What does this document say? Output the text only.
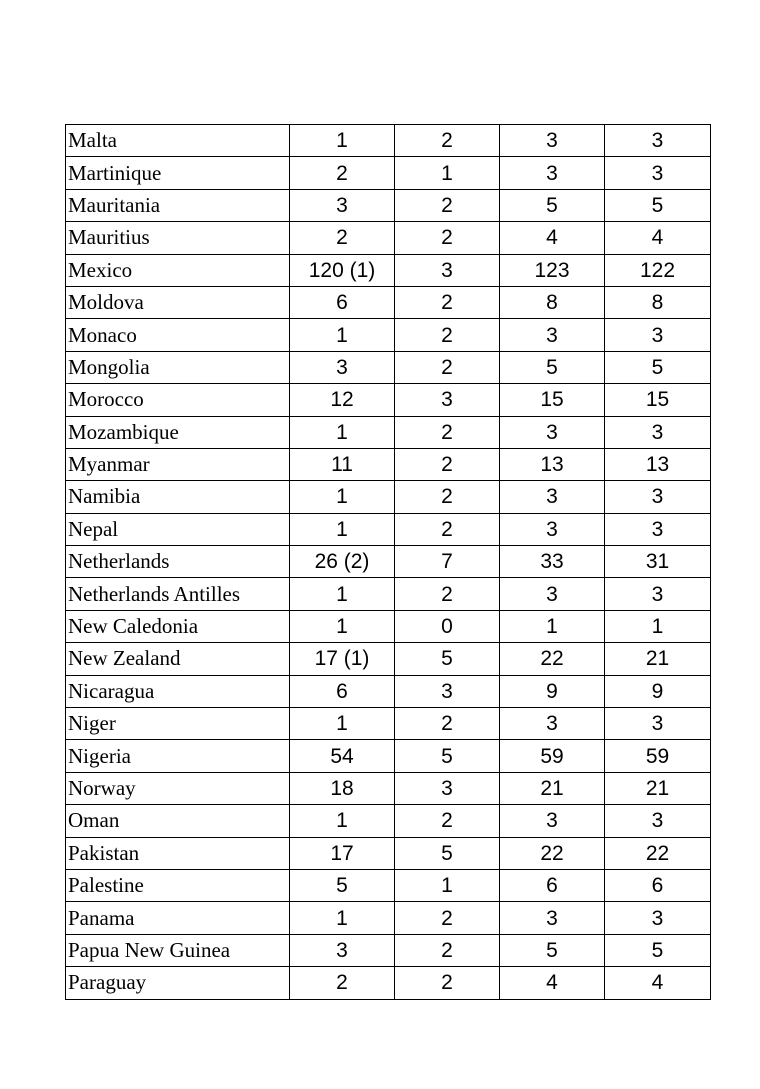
Malta	1	2	3	3
Martinique	2	1	3	3
Mauritania	3	2	5	5
Mauritius	2	2	4	4
Mexico	120 (1)	3	123	122
Moldova	6	2	8	8
Monaco	1	2	3	3
Mongolia	3	2	5	5
Morocco	12	3	15	15
Mozambique	1	2	3	3
Myanmar	11	2	13	13
Namibia	1	2	3	3
Nepal	1	2	3	3
Netherlands	26 (2)	7	33	31
Netherlands Antilles	1	2	3	3
New Caledonia	1	0	1	1
New Zealand	17 (1)	5	22	21
Nicaragua	6	3	9	9
Niger	1	2	3	3
Nigeria	54	5	59	59
Norway	18	3	21	21
Oman	1	2	3	3
Pakistan	17	5	22	22
Palestine	5	1	6	6
Panama	1	2	3	3
Papua New Guinea	3	2	5	5
Paraguay	2	2	4	4
